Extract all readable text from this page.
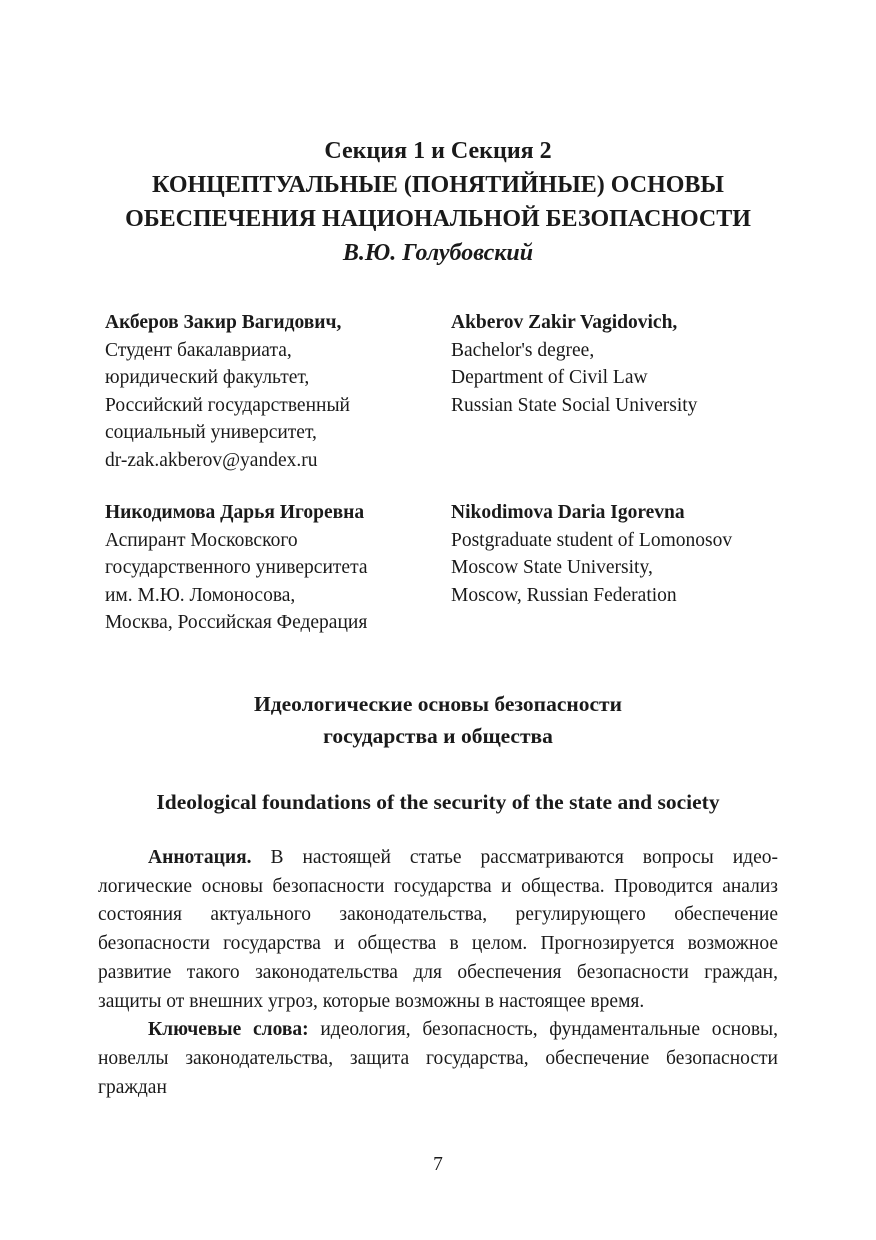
Секция 1 и Секция 2
КОНЦЕПТУАЛЬНЫЕ (ПОНЯТИЙНЫЕ) ОСНОВЫ
ОБЕСПЕЧЕНИЯ НАЦИОНАЛЬНОЙ БЕЗОПАСНОСТИ
В.Ю. Голубовский
Акберов Закир Вагидович,
Студент бакалавриата,
юридический факультет,
Российский государственный
социальный университет,
dr-zak.akberov@yandex.ru
Akberov Zakir Vagidovich,
Bachelor's degree,
Department of Civil Law
Russian State Social University
Никодимова Дарья Игоревна
Аспирант Московского
государственного университета
им. М.Ю. Ломоносова,
Москва, Российская Федерация
Nikodimova Daria Igorevna
Postgraduate student of Lomonosov
Moscow State University,
Moscow, Russian Federation
Идеологические основы безопасности
государства и общества
Ideological foundations of the security of the state and society

Аннотация. В настоящей статье рассматриваются вопросы идеологические основы безопасности государства и общества. Проводится анализ состояния актуального законодательства, регулирующего обеспечение безопасности государства и общества в целом. Прогнозируется возможное развитие такого законодательства для обеспечения безопасности граждан, защиты от внешних угроз, которые возможны в настоящее время.

Ключевые слова: идеология, безопасность, фундаментальные основы, новеллы законодательства, защита государства, обеспечение безопасности граждан

7
